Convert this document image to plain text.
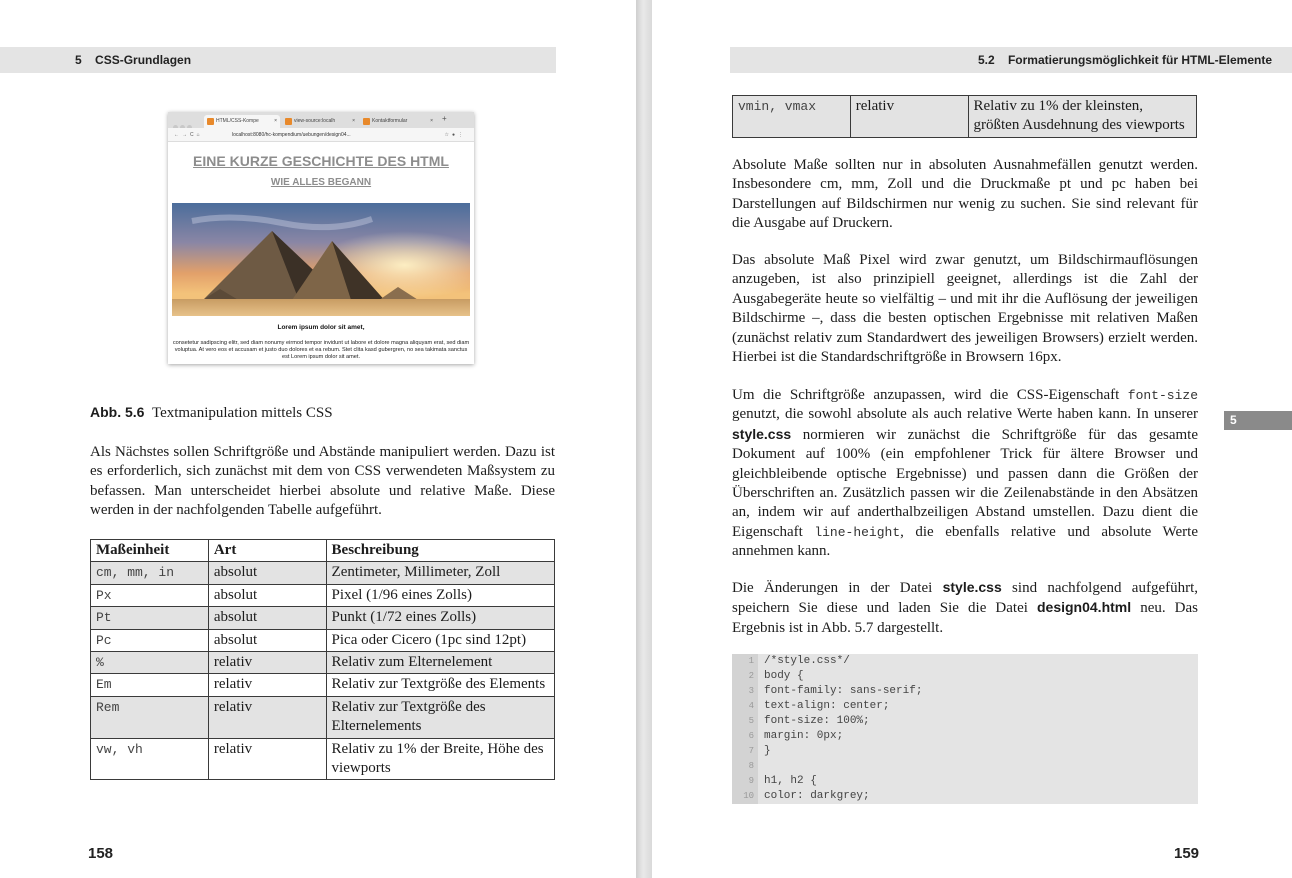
5 CSS-Grundlagen
HTML/CSS-Kompe	×	view-source:localh	×	Kontaktformular	× +
←→C⌂	localhost:8080/hc-kompendium/uebungen/design04...	☆●⋮
EINE KURZE GESCHICHTE DES HTML
WIE ALLES BEGANN
Lorem ipsum dolor sit amet,
consetetur sadipscing elitr, sed diam nonumy eirmod tempor invidunt ut labore et dolore magna aliquyam erat, sed diam voluptua. At vero eos et accusam et justo duo dolores et ea rebum. Stet clita kasd gubergren, no sea takimata sanctus est Lorem ipsum dolor sit amet.
Abb. 5.6 Textmanipulation mittels CSS

Als Nächstes sollen Schriftgröße und Abstände manipuliert werden. Dazu ist es erforderlich, sich zunächst mit dem von CSS verwendeten Maßsystem zu befassen. Man unterscheidet hierbei absolute und relative Maße. Diese werden in der nachfolgenden Tabelle aufgeführt.

Maßeinheit	Art	Beschreibung
cm, mm, in	absolut	Zentimeter, Millimeter, Zoll
Px	absolut	Pixel (1/96 eines Zolls)
Pt	absolut	Punkt (1/72 eines Zolls)
Pc	absolut	Pica oder Cicero (1pc sind 12pt)
%	relativ	Relativ zum Elternelement
Em	relativ	Relativ zur Textgröße des Elements
Rem	relativ	Relativ zur Textgröße des Elternelements
vw, vh	relativ	Relativ zu 1% der Breite, Höhe des viewports
158
5.2 Formatierungsmöglichkeit für HTML-Elemente
vmin, vmax	relativ	Relativ zu 1% der kleinsten, größten Ausdehnung des viewports

Absolute Maße sollten nur in absoluten Ausnahmefällen genutzt werden. Insbesondere cm, mm, Zoll und die Druckmaße pt und pc haben bei Darstellungen auf Bildschirmen nur wenig zu suchen. Sie sind relevant für die Ausgabe auf Druckern.

Das absolute Maß Pixel wird zwar genutzt, um Bildschirmauflösungen anzugeben, ist also prinzipiell geeignet, allerdings ist die Zahl der Ausgabegeräte heute so vielfältig – und mit ihr die Auflösung der jeweiligen Bildschirme –, dass die besten optischen Ergebnisse mit relativen Maßen (zunächst relativ zum Standardwert des jeweiligen Browsers) erzielt werden. Hierbei ist die Standardschriftgröße in Browsern 16px.

Um die Schriftgröße anzupassen, wird die CSS-Eigenschaft font-size genutzt, die sowohl absolute als auch relative Werte haben kann. In unserer style.css normieren wir zunächst die Schriftgröße für das gesamte Dokument auf 100% (ein empfohlener Trick für ältere Browser und gleichbleibende optische Ergebnisse) und passen dann die Größen der Überschriften an. Zusätzlich passen wir die Zeilenabstände in den Absätzen an, indem wir auf anderthalbzeiligen Abstand umstellen. Dazu dient die Eigenschaft line-height, die ebenfalls relative und absolute Werte annehmen kann.

Die Änderungen in der Datei style.css sind nachfolgend aufgeführt, speichern Sie diese und laden Sie die Datei design04.html neu. Das Ergebnis ist in Abb. 5.7 dargestellt.

1 /*style.css*/
2 body {
3 font-family: sans-serif;
4 text-align: center;
5 font-size: 100%;
6 margin: 0px;
7 }
8
9 h1, h2 {
10 color: darkgrey;
5
159
